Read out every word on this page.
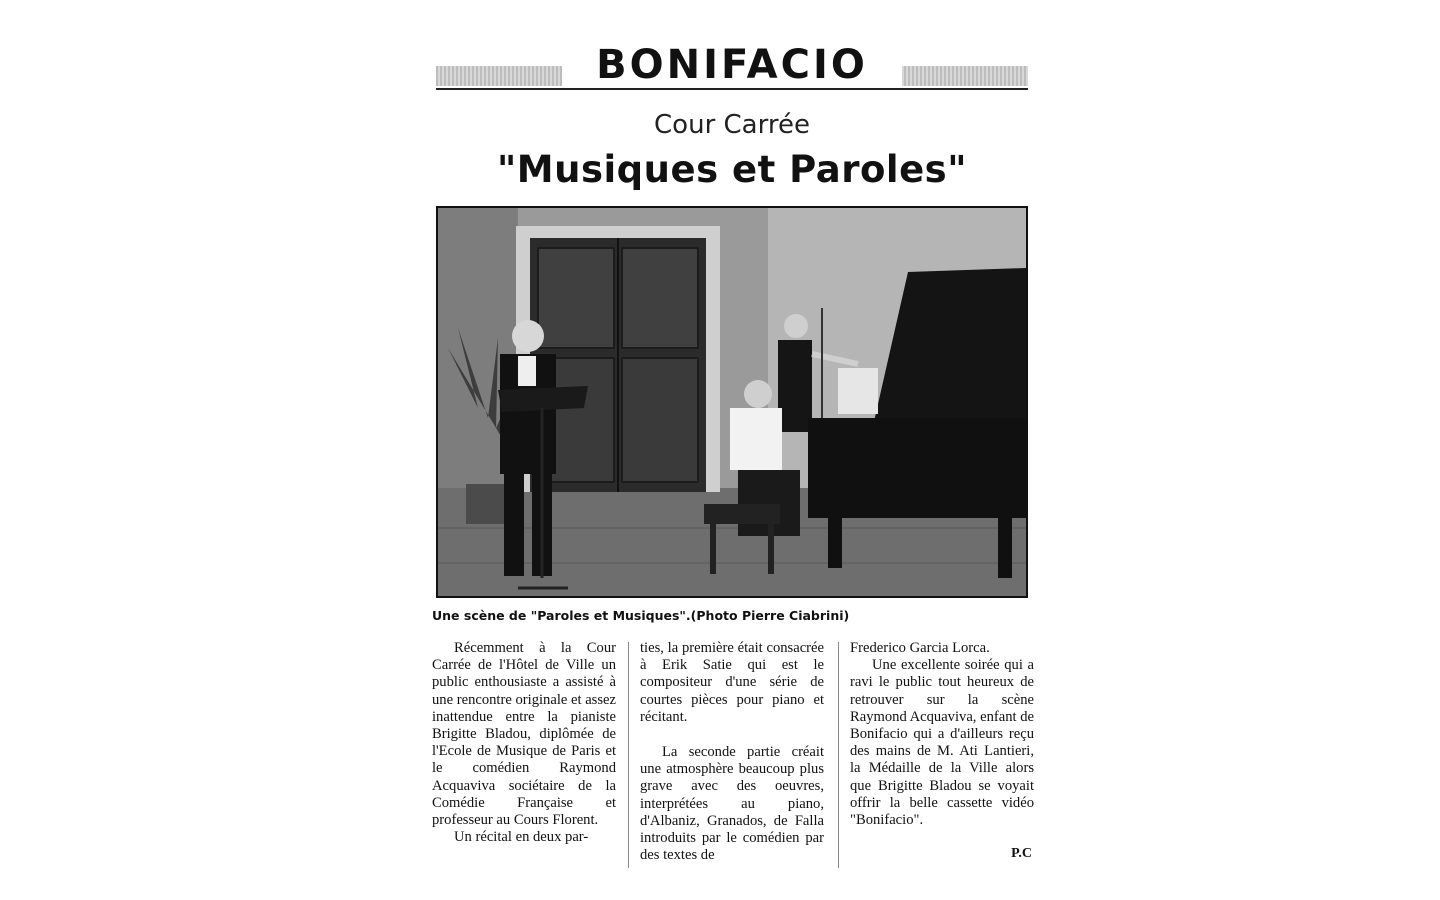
BONIFACIO
Cour Carrée
"Musiques et Paroles"
Une scène de "Paroles et Musiques".(Photo Pierre Ciabrini)

Récemment à la Cour Carrée de l'Hôtel de Ville un public enthousiaste a assisté à une rencontre originale et assez inattendue entre la pianiste Brigitte Bladou, diplômée de l'Ecole de Musique de Paris et le comédien Raymond Acquaviva sociétaire de la Comédie Française et professeur au Cours Florent.

Un récital en deux par-

ties, la première était consacrée à Erik Satie qui est le compositeur d'une série de courtes pièces pour piano et récitant.

La seconde partie créait une atmosphère beaucoup plus grave avec des oeuvres, interprétées au piano, d'Albaniz, Granados, de Falla introduits par le comédien par des textes de

Frederico Garcia Lorca.

Une excellente soirée qui a ravi le public tout heureux de retrouver sur la scène Raymond Acquaviva, enfant de Bonifacio qui a d'ailleurs reçu des mains de M. Ati Lantieri, la Médaille de la Ville alors que Brigitte Bladou se voyait offrir la belle cassette vidéo "Bonifacio".

P.C
